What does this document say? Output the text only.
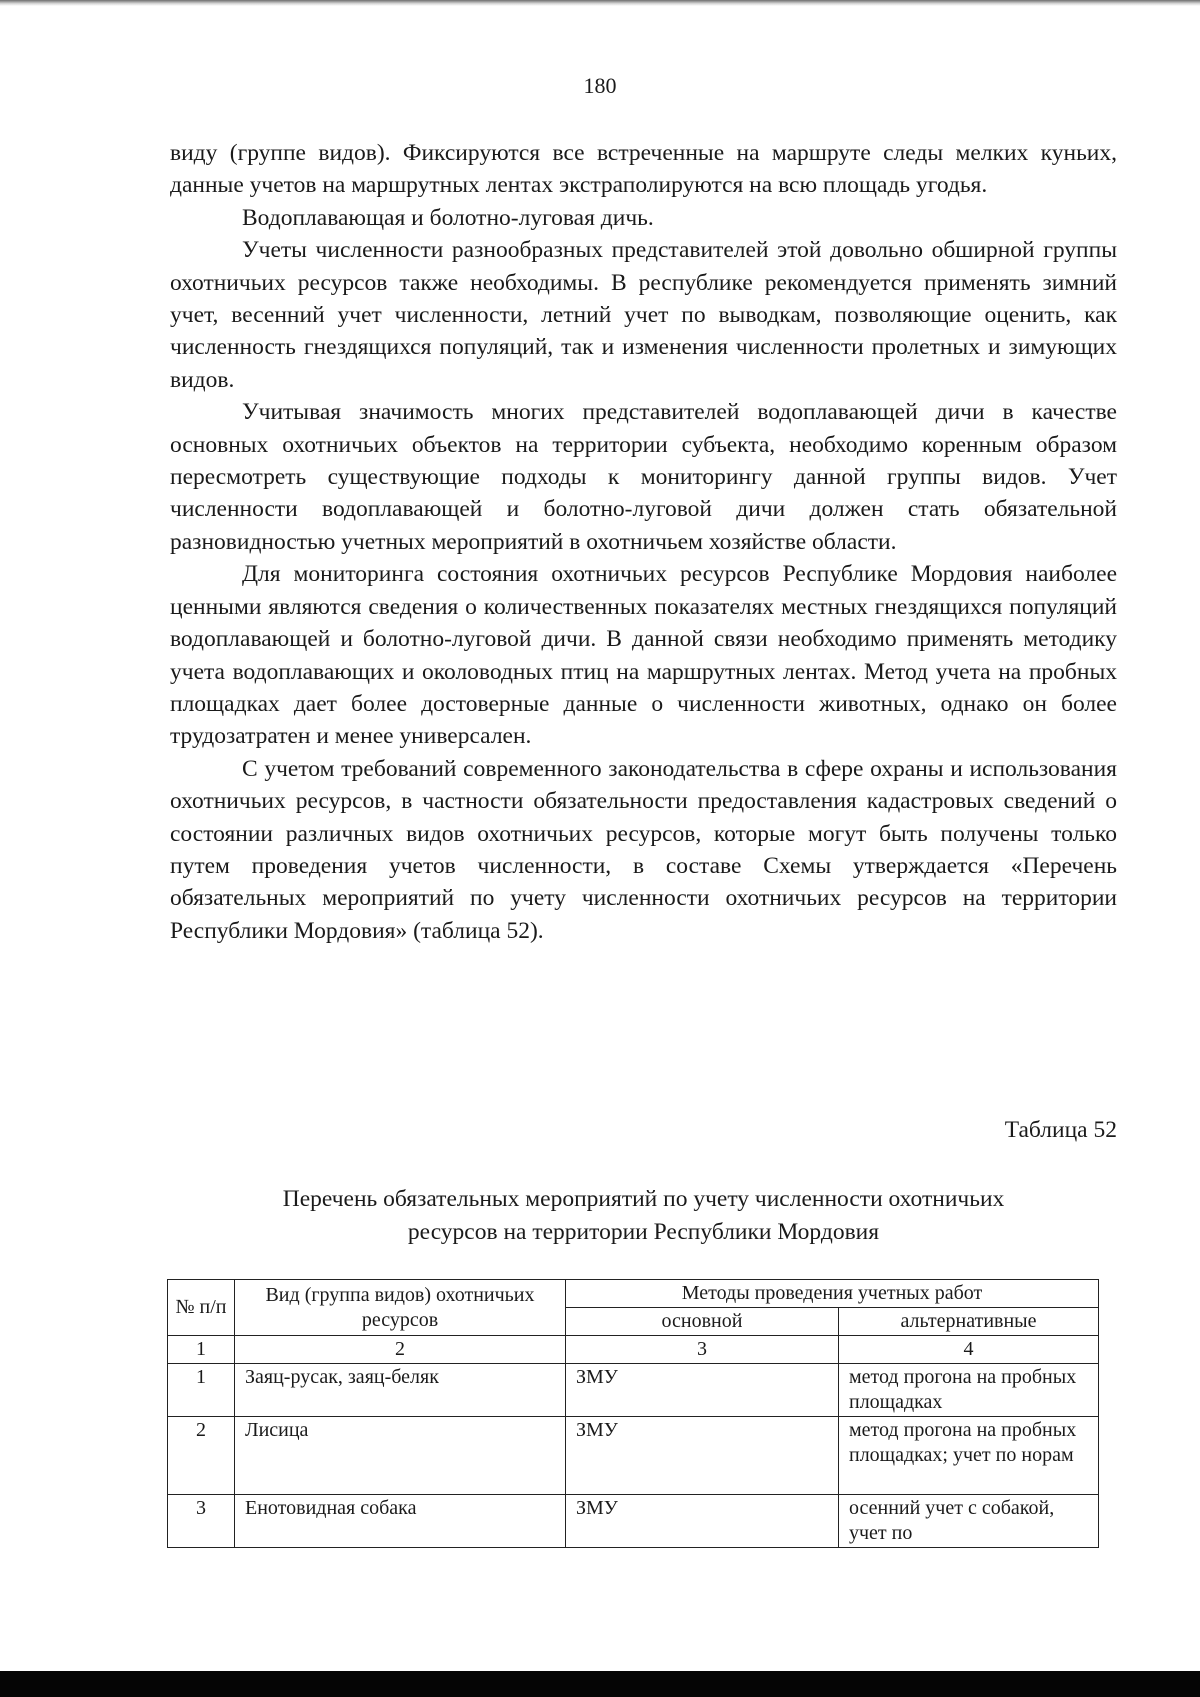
180

виду (группе видов). Фиксируются все встреченные на маршруте следы мелких куньих, данные учетов на маршрутных лентах экстраполируются на всю площадь угодья.

Водоплавающая и болотно-луговая дичь.

Учеты численности разнообразных представителей этой довольно обширной группы охотничьих ресурсов также необходимы. В республике рекомендуется применять зимний учет, весенний учет численности, летний учет по выводкам, позволяющие оценить, как численность гнездящихся популяций, так и изменения численности пролетных и зимующих видов.

Учитывая значимость многих представителей водоплавающей дичи в качестве основных охотничьих объектов на территории субъекта, необходимо коренным образом пересмотреть существующие подходы к мониторингу данной группы видов. Учет численности водоплавающей и болотно-луговой дичи должен стать обязательной разновидностью учетных мероприятий в охотничьем хозяйстве области.

Для мониторинга состояния охотничьих ресурсов Республике Мордовия наиболее ценными являются сведения о количественных показателях местных гнездящихся популяций водоплавающей и болотно-луговой дичи. В данной связи необходимо применять методику учета водоплавающих и околоводных птиц на маршрутных лентах. Метод учета на пробных площадках дает более достоверные данные о численности животных, однако он более трудозатратен и менее универсален.

С учетом требований современного законодательства в сфере охраны и использования охотничьих ресурсов, в частности обязательности предоставления кадастровых сведений о состоянии различных видов охотничьих ресурсов, которые могут быть получены только путем проведения учетов численности, в составе Схемы утверждается «Перечень обязательных мероприятий по учету численности охотничьих ресурсов на территории Республики Мордовия» (таблица 52).

Таблица 52
Перечень обязательных мероприятий по учету численности охотничьих
ресурсов на территории Республики Мордовия
№ п/п	Вид (группа видов) охотничьих ресурсов	Методы проведения учетных работ	
		основной	альтернативные
1	2	3	4
1	Заяц-русак, заяц-беляк	ЗМУ	метод прогона на пробных площадках
2	Лисица	ЗМУ	метод прогона на пробных площадках; учет по норам
3	Енотовидная собака	ЗМУ	осенний учет с собакой, учет по
